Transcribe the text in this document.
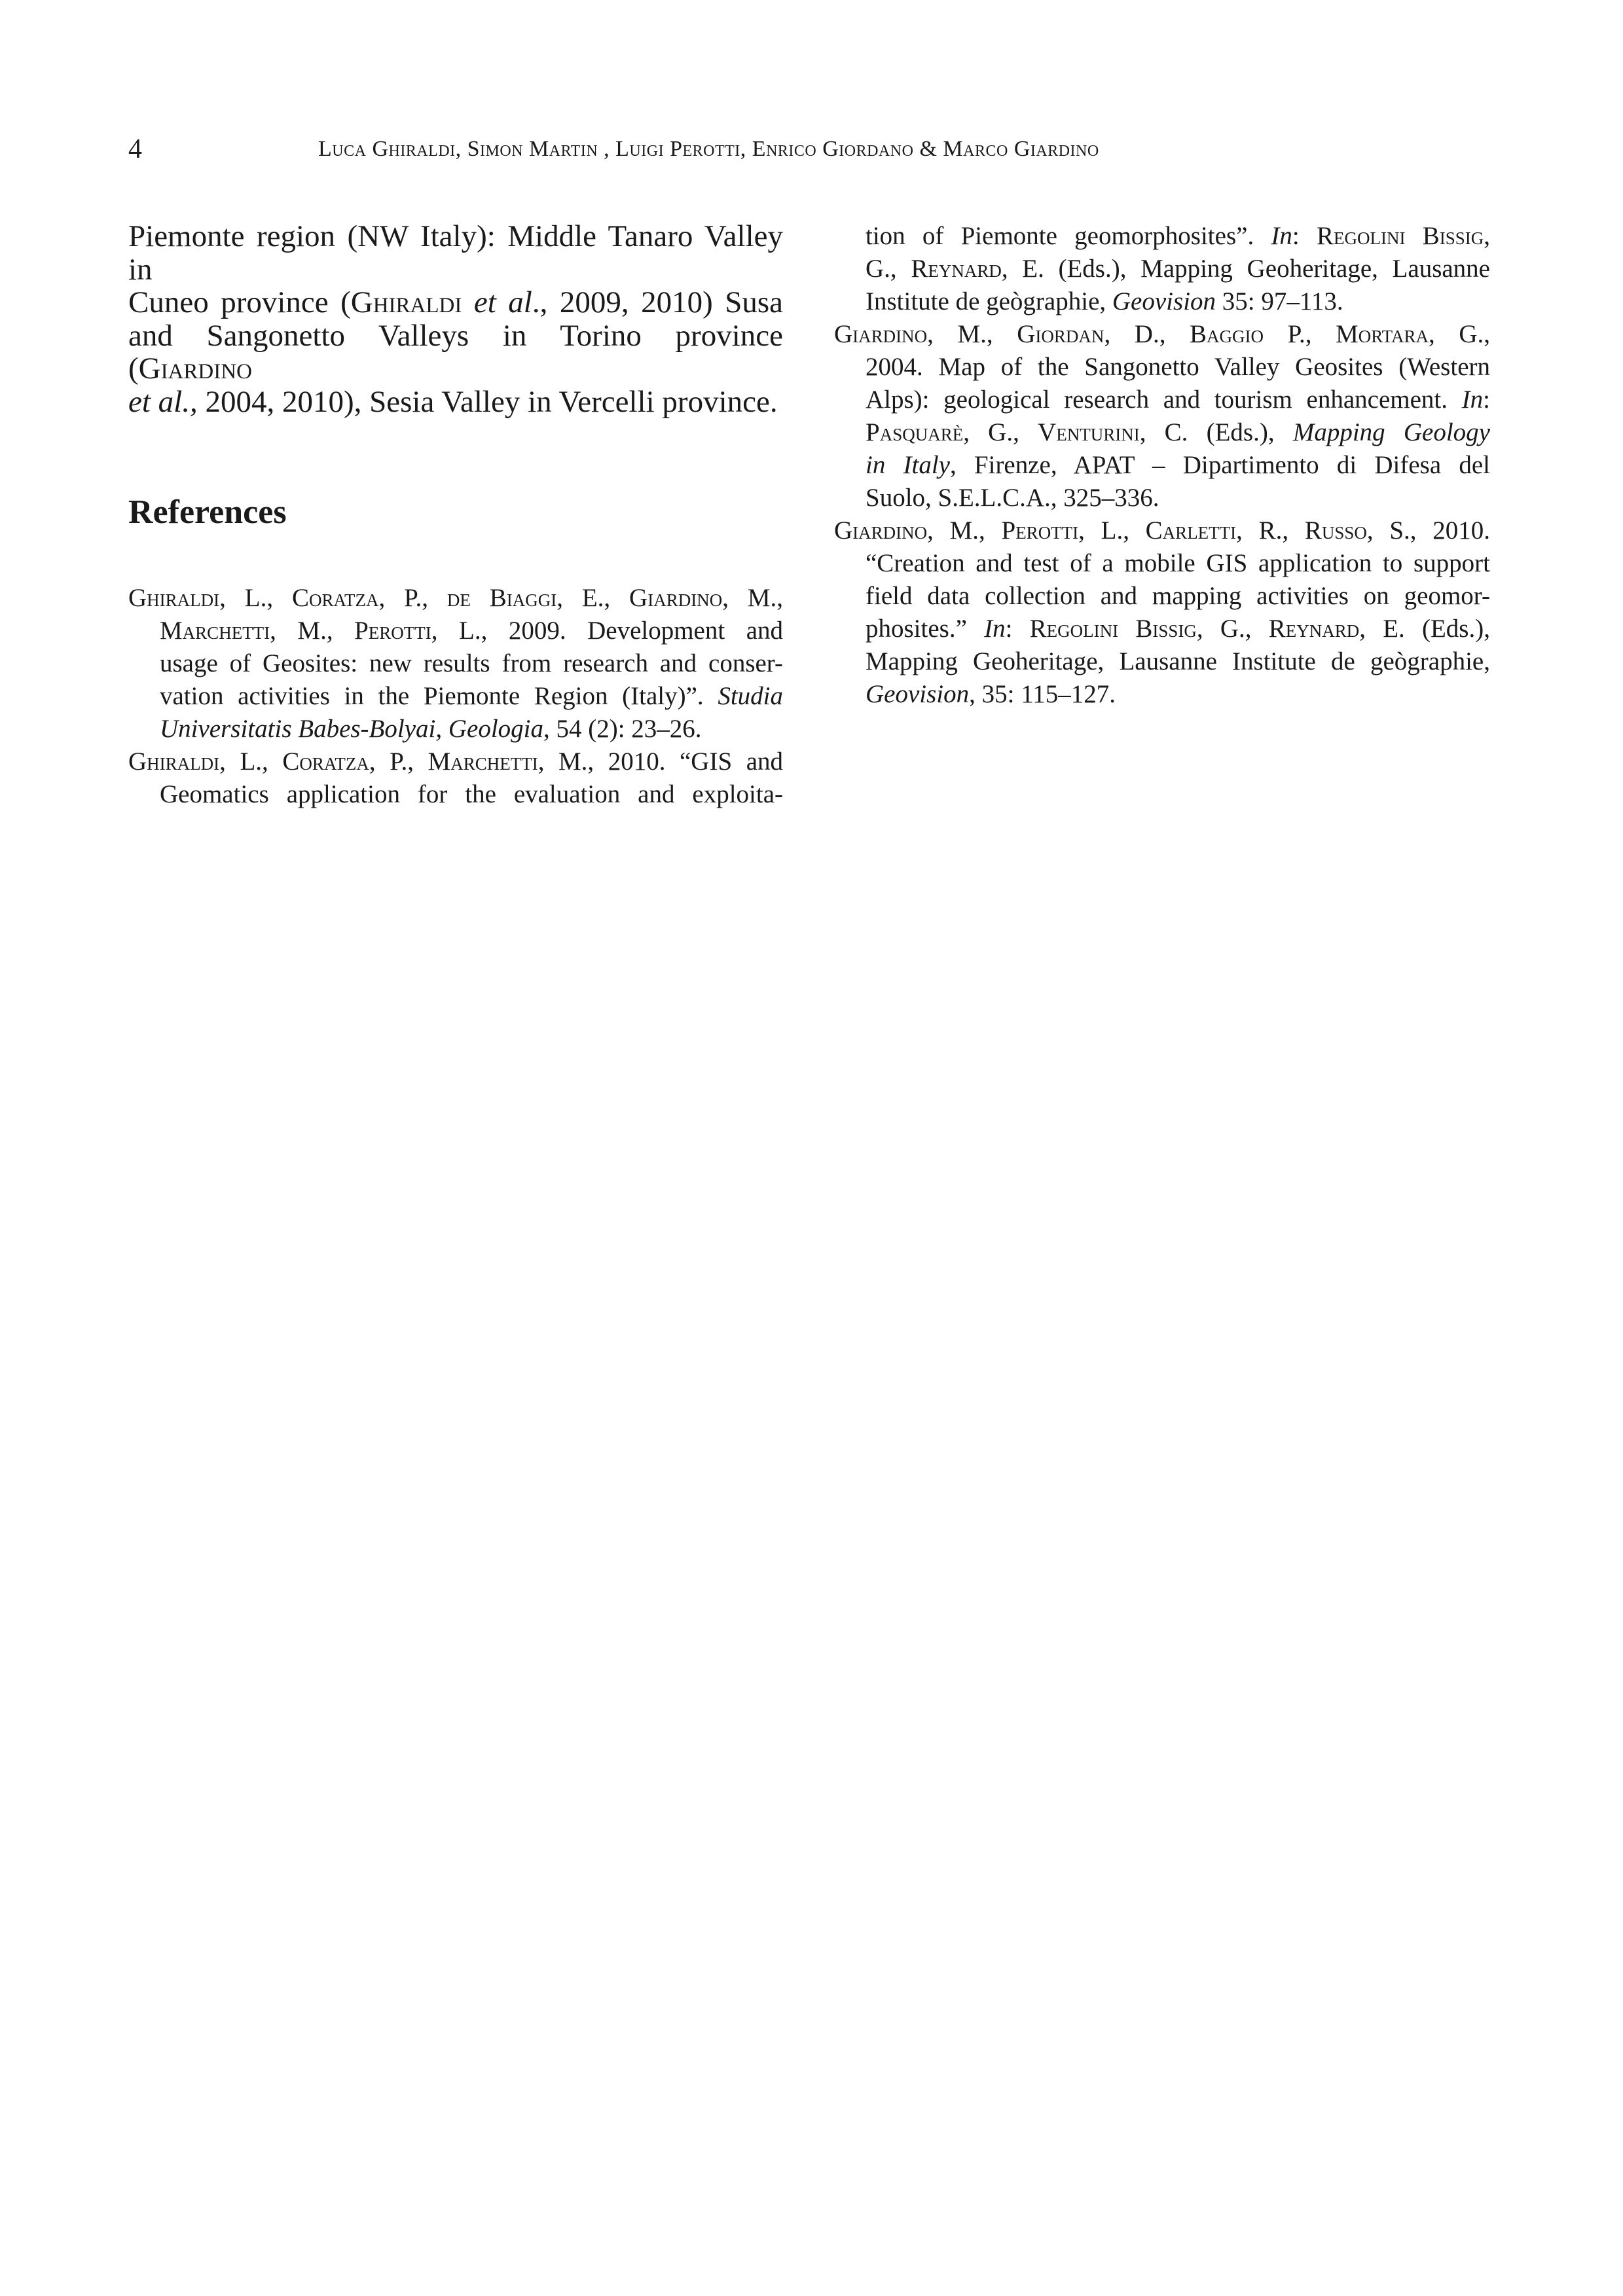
4	Luca Ghiraldi, Simon Martin , Luigi Perotti, Enrico Giordano & Marco Giardino

Piemonte region (NW Italy): Middle Tanaro Valley in
Cuneo province (Ghiraldi et al., 2009, 2010) Susa
and Sangonetto Valleys in Torino province (Giardino
et al., 2004, 2010), Sesia Valley in Vercelli province.

References
Ghiraldi, L., Coratza, P., de Biaggi, E., Giardino, M.,
Marchetti, M., Perotti, L., 2009. Development and
usage of Geosites: new results from research and conser-
vation activities in the Piemonte Region (Italy)”. Studia
Universitatis Babes-Bolyai, Geologia, 54 (2): 23–26.
Ghiraldi, L., Coratza, P., Marchetti, M., 2010. “GIS and
Geomatics application for the evaluation and exploita-
tion of Piemonte geomorphosites”. In: Regolini Bissig,
G., Reynard, E. (Eds.), Mapping Geoheritage, Lausanne
Institute de geògraphie, Geovision 35: 97–113.
Giardino, M., Giordan, D., Baggio P., Mortara, G.,
2004. Map of the Sangonetto Valley Geosites (Western
Alps): geological research and tourism enhancement. In:
Pasquarè, G., Venturini, C. (Eds.), Mapping Geology
in Italy, Firenze, APAT – Dipartimento di Difesa del
Suolo, S.E.L.C.A., 325–336.
Giardino, M., Perotti, L., Carletti, R., Russo, S., 2010.
“Creation and test of a mobile GIS application to support
field data collection and mapping activities on geomor-
phosites.” In: Regolini Bissig, G., Reynard, E. (Eds.),
Mapping Geoheritage, Lausanne Institute de geògraphie,
Geovision, 35: 115–127.
